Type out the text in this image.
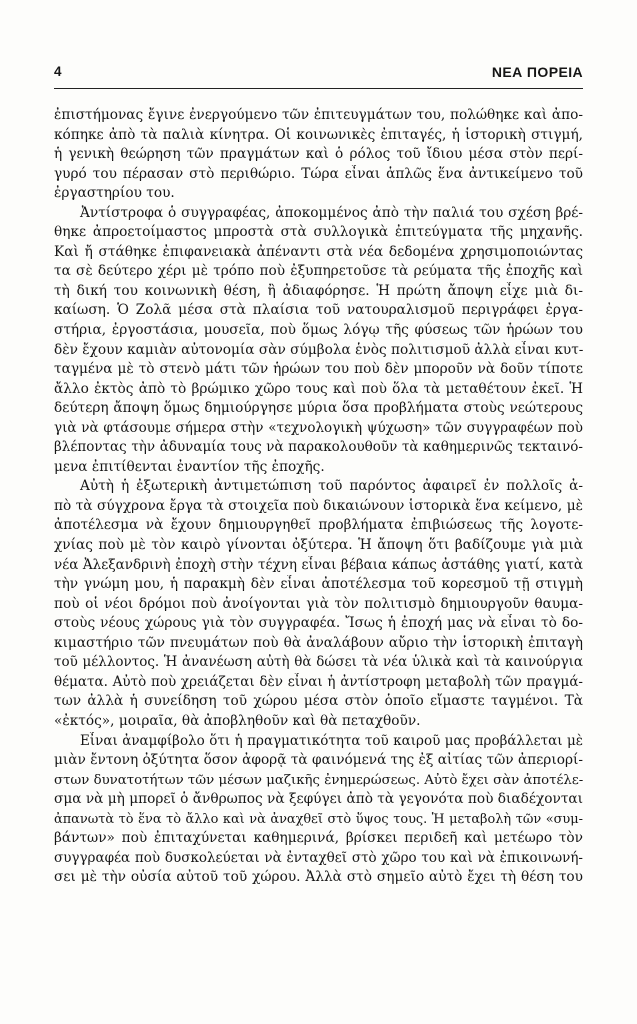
4	ΝΕΑ ΠΟΡΕΙΑ
ἐπιστήμονας ἔγινε ἐνεργούμενο τῶν ἐπιτευγμάτων του, πολώθηκε καὶ ἀπο-
κόπηκε ἀπὸ τὰ παλιὰ κίνητρα. Οἱ κοινωνικὲς ἐπιταγές, ἡ ἱστορικὴ στιγμή,
ἡ γενικὴ θεώρηση τῶν πραγμάτων καὶ ὁ ρόλος τοῦ ἴδιου μέσα στὸν περί-
γυρό του πέρασαν στὸ περιθώριο. Τώρα εἶναι ἁπλῶς ἕνα ἀντικείμενο τοῦ
ἐργαστηρίου του.
Ἀντίστροφα ὁ συγγραφέας, ἀποκομμένος ἀπὸ τὴν παλιά του σχέση βρέ-
θηκε ἀπροετοίμαστος μπροστὰ στὰ συλλογικὰ ἐπιτεύγματα τῆς μηχανῆς.
Καὶ ἤ στάθηκε ἐπιφανειακὰ ἀπέναντι στὰ νέα δεδομένα χρησιμοποιώντας
τα σὲ δεύτερο χέρι μὲ τρόπο ποὺ ἐξυπηρετοῦσε τὰ ρεύματα τῆς ἐποχῆς καὶ
τὴ δική του κοινωνικὴ θέση, ἢ ἀδιαφόρησε. Ἡ πρώτη ἄποψη εἶχε μιὰ δι-
καίωση. Ὁ Ζολᾶ μέσα στὰ πλαίσια τοῦ νατουραλισμοῦ περιγράφει ἐργα-
στήρια, ἐργοστάσια, μουσεῖα, ποὺ ὅμως λόγῳ τῆς φύσεως τῶν ἡρώων του
δὲν ἔχουν καμιὰν αὐτονομία σὰν σύμβολα ἑνὸς πολιτισμοῦ ἀλλὰ εἶναι κυτ-
ταγμένα μὲ τὸ στενὸ μάτι τῶν ἡρώων του ποὺ δὲν μποροῦν νὰ δοῦν τίποτε
ἄλλο ἐκτὸς ἀπὸ τὸ βρώμικο χῶρο τους καὶ ποὺ ὅλα τὰ μεταθέτουν ἐκεῖ. Ἡ
δεύτερη ἄποψη ὅμως δημιούργησε μύρια ὅσα προβλήματα στοὺς νεώτερους
γιὰ νὰ φτάσουμε σήμερα στὴν «τεχνολογικὴ ψύχωση» τῶν συγγραφέων ποὺ
βλέποντας τὴν ἀδυναμία τους νὰ παρακολουθοῦν τὰ καθημερινῶς τεκταινό-
μενα ἐπιτίθενται ἐναντίον τῆς ἐποχῆς.
Αὐτὴ ἡ ἐξωτερικὴ ἀντιμετώπιση τοῦ παρόντος ἀφαιρεῖ ἐν πολλοῖς ἀ-
πὸ τὰ σύγχρονα ἔργα τὰ στοιχεῖα ποὺ δικαιώνουν ἱστορικὰ ἕνα κείμενο, μὲ
ἀποτέλεσμα νὰ ἔχουν δημιουργηθεῖ προβλήματα ἐπιβιώσεως τῆς λογοτε-
χνίας ποὺ μὲ τὸν καιρὸ γίνονται ὀξύτερα. Ἡ ἄποψη ὅτι βαδίζουμε γιὰ μιὰ
νέα Ἀλεξανδρινὴ ἐποχὴ στὴν τέχνη εἶναι βέβαια κάπως ἀστάθης γιατί, κατὰ
τὴν γνώμη μου, ἡ παρακμὴ δὲν εἶναι ἀποτέλεσμα τοῦ κορεσμοῦ τῇ στιγμὴ
ποὺ οἱ νέοι δρόμοι ποὺ ἀνοίγονται γιὰ τὸν πολιτισμὸ δημιουργοῦν θαυμα-
στοὺς νέους χώρους γιὰ τὸν συγγραφέα. Ἴσως ἡ ἐποχή μας νὰ εἶναι τὸ δο-
κιμαστήριο τῶν πνευμάτων ποὺ θὰ ἀναλάβουν αὔριο τὴν ἱστορικὴ ἐπιταγὴ
τοῦ μέλλοντος. Ἡ ἀνανέωση αὐτὴ θὰ δώσει τὰ νέα ὑλικὰ καὶ τὰ καινούργια
θέματα. Αὐτὸ ποὺ χρειάζεται δὲν εἶναι ἡ ἀντίστροφη μεταβολὴ τῶν πραγμά-
των ἀλλὰ ἡ συνείδηση τοῦ χώρου μέσα στὸν ὁποῖο εἴμαστε ταγμένοι. Τὰ
«ἐκτός», μοιραῖα, θὰ ἀποβληθοῦν καὶ θὰ πεταχθοῦν.
Εἶναι ἀναμφίβολο ὅτι ἡ πραγματικότητα τοῦ καιροῦ μας προβάλλεται μὲ
μιὰν ἔντονη ὀξύτητα ὅσον ἀφορᾷ τὰ φαινόμενά της ἐξ αἰτίας τῶν ἀπεριορί-
στων δυνατοτήτων τῶν μέσων μαζικῆς ἐνημερώσεως. Αὐτὸ ἔχει σὰν ἀποτέλε-
σμα νὰ μὴ μπορεῖ ὁ ἄνθρωπος νὰ ξεφύγει ἀπὸ τὰ γεγονότα ποὺ διαδέχονται
ἀπανωτὰ τὸ ἕνα τὸ ἄλλο καὶ νὰ ἀναχθεῖ στὸ ὕψος τους. Ἡ μεταβολὴ τῶν «συμ-
βάντων» ποὺ ἐπιταχύνεται καθημερινά, βρίσκει περιδεῆ καὶ μετέωρο τὸν
συγγραφέα ποὺ δυσκολεύεται νὰ ἐνταχθεῖ στὸ χῶρο του καὶ νὰ ἐπικοινωνή-
σει μὲ τὴν οὐσία αὐτοῦ τοῦ χώρου. Ἀλλὰ στὸ σημεῖο αὐτὸ ἔχει τὴ θέση του
